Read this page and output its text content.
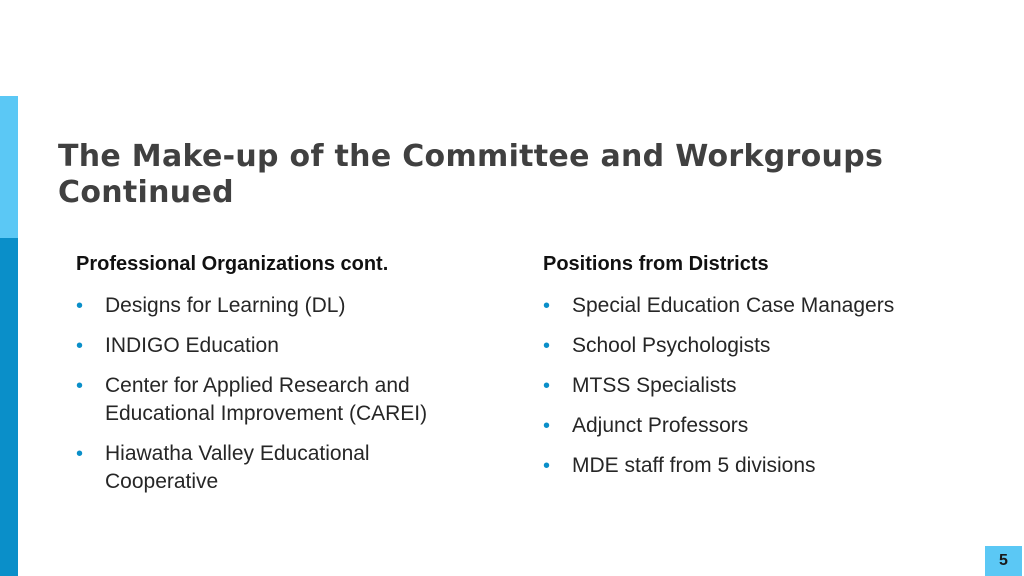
The Make-up of the Committee and Workgroups Continued
Professional Organizations cont.
• Designs for Learning (DL)
• INDIGO Education
• Center for Applied Research and Educational Improvement (CAREI)
• Hiawatha Valley Educational Cooperative
Positions from Districts
• Special Education Case Managers
• School Psychologists
• MTSS Specialists
• Adjunct Professors
• MDE staff from 5 divisions
5
